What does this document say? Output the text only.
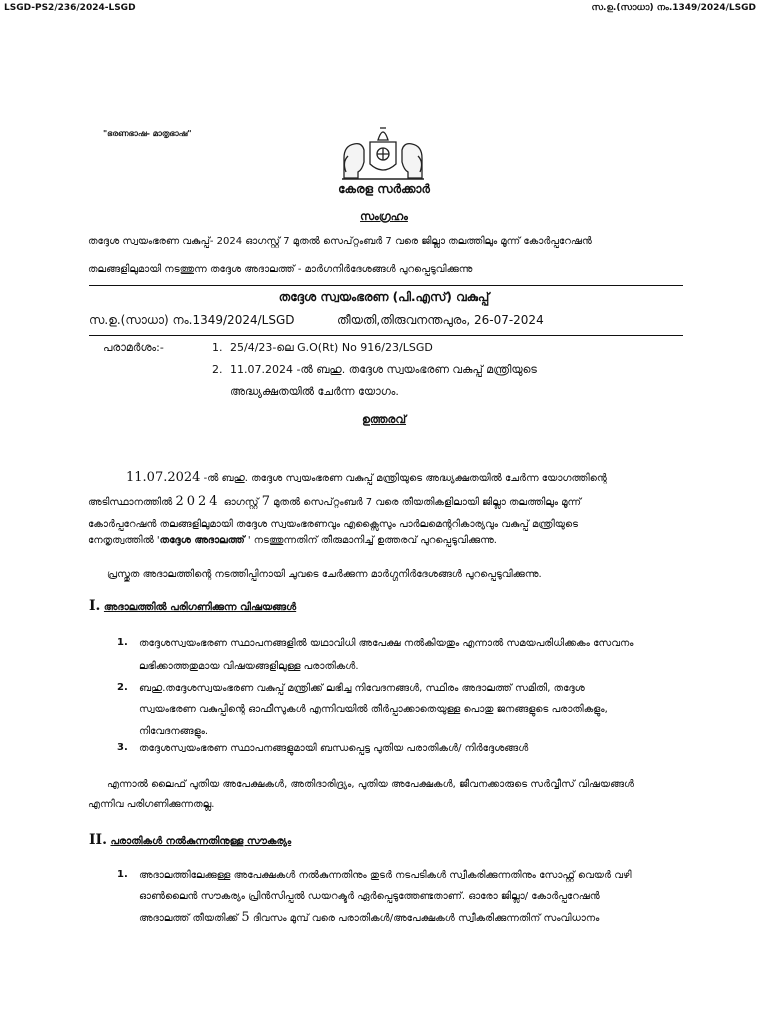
LSGD-PS2/236/2024-LSGD	സ.ഉ.(സാധാ) നം.1349/2024/LSGD
"ഭരണഭാഷ- മാതൃഭാഷ"
കേരള സർക്കാർ
സംഗ്രഹം
തദ്ദേശ സ്വയംഭരണ വകുപ്പ്- 2024 ഓഗസ്റ്റ് 7 മുതൽ സെപ്റ്റംബർ 7 വരെ ജില്ലാ തലത്തിലും മൂന്ന് കോർപ്പറേഷൻ
തലങ്ങളിലുമായി നടത്തുന്ന തദ്ദേശ അദാലത്ത് - മാർഗനിർദേശങ്ങൾ പുറപ്പെടുവിക്കുന്നു
തദ്ദേശ സ്വയംഭരണ (പി.എസ്) വകുപ്പ്
സ.ഉ.(സാധാ) നം.1349/2024/LSGD	തീയതി,തിരുവനന്തപുരം, 26-07-2024
പരാമർശം:-	1. 25/4/23-ലെ G.O(Rt) No 916/23/LSGD
2. 11.07.2024 -ൽ ബഹു. തദ്ദേശ സ്വയംഭരണ വകുപ്പ് മന്ത്രിയുടെ
അദ്ധ്യക്ഷതയിൽ ചേർന്ന യോഗം.
ഉത്തരവ്
11.07.2024 -ൽ ബഹു. തദ്ദേശ സ്വയംഭരണ വകുപ്പ് മന്ത്രിയുടെ അദ്ധ്യക്ഷതയിൽ ചേർന്ന യോഗത്തിന്റെ
അടിസ്ഥാനത്തിൽ 2024 ഓഗസ്റ്റ് 7 മുതൽ സെപ്റ്റംബർ 7 വരെ തീയതികളിലായി ജില്ലാ തലത്തിലും മൂന്ന്
കോർപ്പറേഷൻ തലങ്ങളിലുമായി തദ്ദേശ സ്വയംഭരണവും എക്സൈസും പാർലമെന്ററികാര്യവും വകുപ്പ് മന്ത്രിയുടെ
നേതൃത്വത്തിൽ 'തദ്ദേശ അദാലത്ത് ' നടത്തുന്നതിന് തീരുമാനിച്ച് ഉത്തരവ് പുറപ്പെടുവിക്കുന്നു.
പ്രസ്തുത അദാലത്തിന്റെ നടത്തിപ്പിനായി ചുവടെ ചേർക്കുന്ന മാർഗ്ഗനിർദേശങ്ങൾ പുറപ്പെടുവിക്കുന്നു.
I. അദാലത്തിൽ പരിഗണിക്കുന്ന വിഷയങ്ങൾ
1. തദ്ദേശസ്വയംഭരണ സ്ഥാപനങ്ങളിൽ യഥാവിധി അപേക്ഷ നൽകിയതും എന്നാൽ സമയപരിധിക്കകം സേവനം
ലഭിക്കാത്തതുമായ വിഷയങ്ങളിലുള്ള പരാതികൾ.
2. ബഹു.തദ്ദേശസ്വയംഭരണ വകുപ്പ് മന്ത്രിക്ക് ലഭിച്ച നിവേദനങ്ങൾ, സ്ഥിരം അദാലത്ത് സമിതി, തദ്ദേശ
സ്വയംഭരണ വകുപ്പിന്റെ ഓഫീസുകൾ എന്നിവയിൽ തീർപ്പാക്കാതെയുള്ള പൊതു ജനങ്ങളുടെ പരാതികളും,
നിവേദനങ്ങളും.
3. തദ്ദേശസ്വയംഭരണ സ്ഥാപനങ്ങളുമായി ബന്ധപ്പെട്ട പുതിയ പരാതികൾ/ നിർദ്ദേശങ്ങൾ
എന്നാൽ ലൈഫ് പുതിയ അപേക്ഷകൾ, അതിദാരിദ്ര്യം, പുതിയ അപേക്ഷകൾ, ജീവനക്കാരുടെ സർവ്വീസ് വിഷയങ്ങൾ
എന്നിവ പരിഗണിക്കുന്നതല്ല.
II. പരാതികൾ നൽകുന്നതിനുള്ള സൗകര്യം
1. അദാലത്തിലേക്കുള്ള അപേക്ഷകൾ നൽകുന്നതിനും തുടർ നടപടികൾ സ്വീകരിക്കുന്നതിനും സോഫ്റ്റ് വെയർ വഴി
ഓൺലൈൻ സൗകര്യം പ്രിൻസിപ്പൽ ഡയറക്ടർ ഏർപ്പെടുത്തേണ്ടതാണ്. ഓരോ ജില്ലാ/ കോർപ്പറേഷൻ
അദാലത്ത് തീയതിക്ക് 5 ദിവസം മുമ്പ് വരെ പരാതികൾ/അപേക്ഷകൾ സ്വീകരിക്കുന്നതിന് സംവിധാനം
